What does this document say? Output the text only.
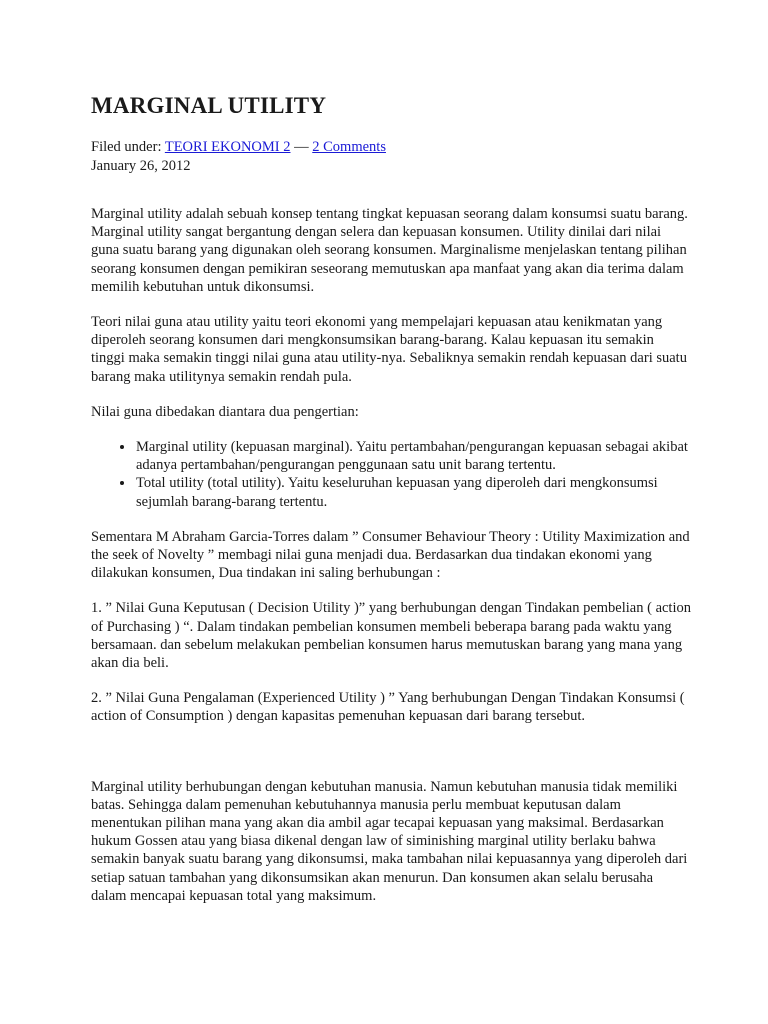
MARGINAL UTILITY
Filed under: TEORI EKONOMI 2 — 2 Comments
January 26, 2012

Marginal utility adalah sebuah konsep tentang tingkat kepuasan seorang dalam konsumsi suatu barang. Marginal utility sangat bergantung dengan selera dan kepuasan konsumen. Utility dinilai dari nilai guna suatu barang yang digunakan oleh seorang konsumen. Marginalisme menjelaskan tentang pilihan seorang konsumen dengan pemikiran seseorang memutuskan apa manfaat yang akan dia terima dalam memilih kebutuhan untuk dikonsumsi.

Teori nilai guna atau utility yaitu teori ekonomi yang mempelajari kepuasan atau kenikmatan yang diperoleh seorang konsumen dari mengkonsumsikan barang-barang. Kalau kepuasan itu semakin tinggi maka semakin tinggi nilai guna atau utility-nya. Sebaliknya semakin rendah kepuasan dari suatu barang maka utilitynya semakin rendah pula.

Nilai guna dibedakan diantara dua pengertian:

• Marginal utility (kepuasan marginal). Yaitu pertambahan/pengurangan kepuasan sebagai akibat adanya pertambahan/pengurangan penggunaan satu unit barang tertentu.
• Total utility (total utility). Yaitu keseluruhan kepuasan yang diperoleh dari mengkonsumsi sejumlah barang-barang tertentu.

Sementara M Abraham Garcia-Torres dalam ” Consumer Behaviour Theory : Utility Maximization and the seek of Novelty ” membagi nilai guna menjadi dua. Berdasarkan dua tindakan ekonomi yang dilakukan konsumen, Dua tindakan ini saling berhubungan :

1. ” Nilai Guna Keputusan ( Decision Utility )” yang berhubungan dengan Tindakan pembelian ( action of Purchasing ) “. Dalam tindakan pembelian konsumen membeli beberapa barang pada waktu yang bersamaan. dan sebelum melakukan pembelian konsumen harus memutuskan barang yang mana yang akan dia beli.

2. ” Nilai Guna Pengalaman (Experienced Utility ) ” Yang berhubungan Dengan Tindakan Konsumsi ( action of Consumption ) dengan kapasitas pemenuhan kepuasan dari barang tersebut.

Marginal utility berhubungan dengan kebutuhan manusia. Namun kebutuhan manusia tidak memiliki batas. Sehingga dalam pemenuhan kebutuhannya manusia perlu membuat keputusan dalam menentukan pilihan mana yang akan dia ambil agar tecapai kepuasan yang maksimal. Berdasarkan hukum Gossen atau yang biasa dikenal dengan law of siminishing marginal utility berlaku bahwa semakin banyak suatu barang yang dikonsumsi, maka tambahan nilai kepuasannya yang diperoleh dari setiap satuan tambahan yang dikonsumsikan akan menurun. Dan konsumen akan selalu berusaha dalam mencapai kepuasan total yang maksimum.
